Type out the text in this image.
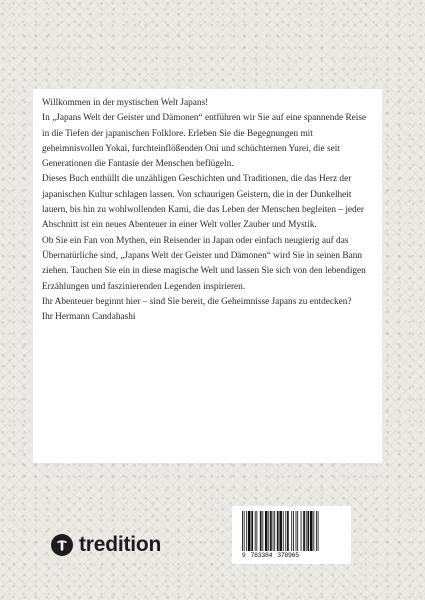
Willkommen in der mystischen Welt Japans!

In „Japans Welt der Geister und Dämonen“ entführen wir Sie auf eine spannende Reise in die Tiefen der japanischen Folklore. Erleben Sie die Begegnungen mit geheimnisvollen Yokai, furchteinflößenden Oni und schüchternen Yurei, die seit Generationen die Fantasie der Menschen beflügeln.

Dieses Buch enthüllt die unzähligen Geschichten und Traditionen, die das Herz der japanischen Kultur schlagen lassen. Von schaurigen Geistern, die in der Dunkelheit lauern, bis hin zu wohlwollenden Kami, die das Leben der Menschen begleiten – jeder Abschnitt ist ein neues Abenteuer in einer Welt voller Zauber und Mystik.

Ob Sie ein Fan von Mythen, ein Reisender in Japan oder einfach neugierig auf das Übernatürliche sind, „Japans Welt der Geister und Dämonen“ wird Sie in seinen Bann ziehen. Tauchen Sie ein in diese magische Welt und lassen Sie sich von den lebendigen Erzählungen und faszinierenden Legenden inspirieren.

Ihr Abenteuer beginnt hier – sind Sie bereit, die Geheimnisse Japans zu entdecken?

Ihr Hermann Candahashi

tredition	9 783384 378965
